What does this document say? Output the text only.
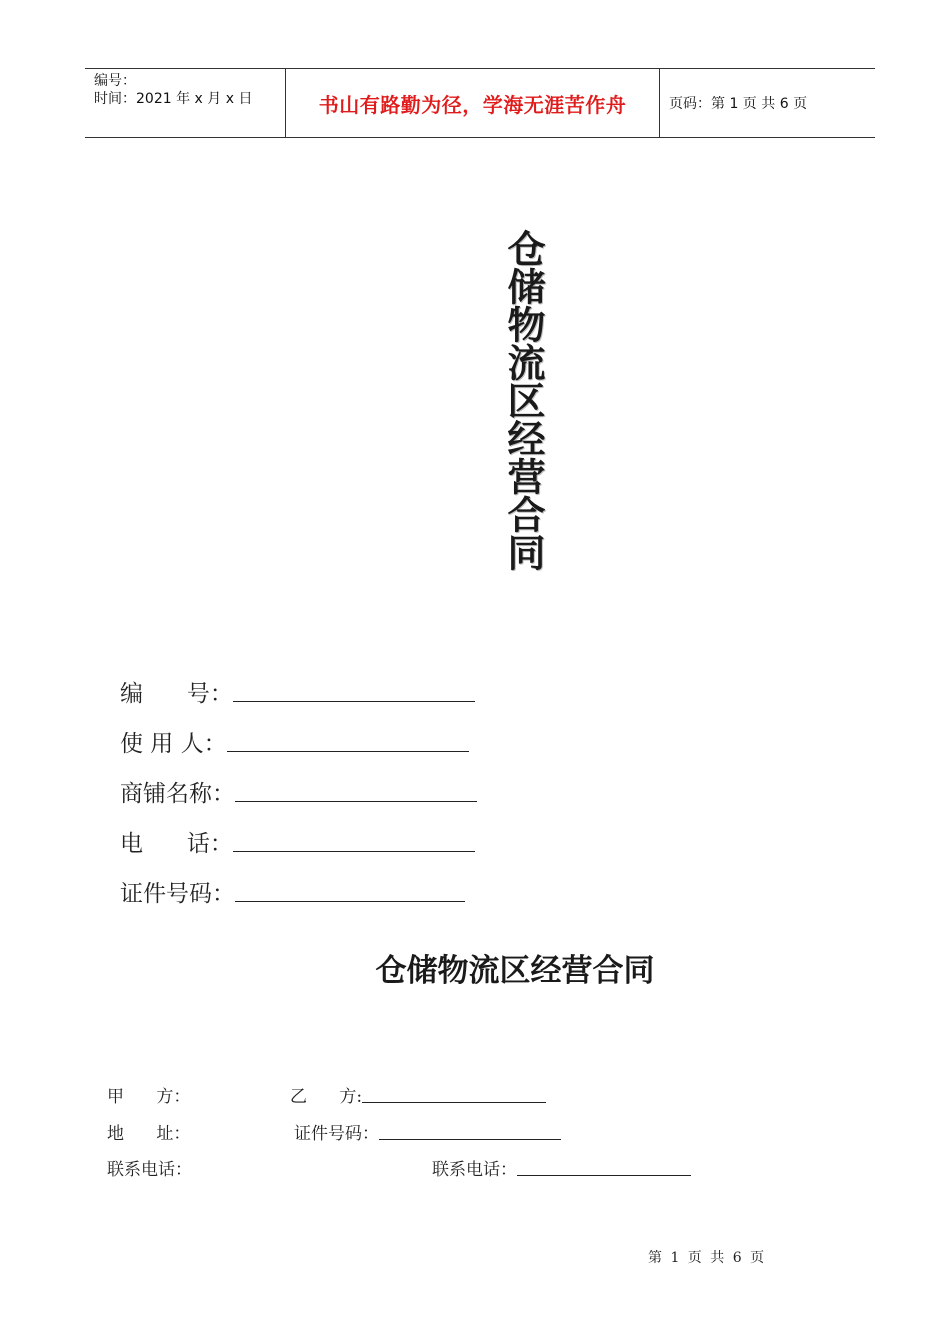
编号：
时间：2021 年 x 月 x 日	书山有路勤为径，学海无涯苦作舟	页码：第 1 页 共 6 页
仓储物流区经营合同
编      号：
使 用 人：
商铺名称：
电      话：
证件号码：
仓储物流区经营合同
甲      方：	乙      方:
地      址：	证件号码：
联系电话：	联系电话：
第 1 页 共 6 页
